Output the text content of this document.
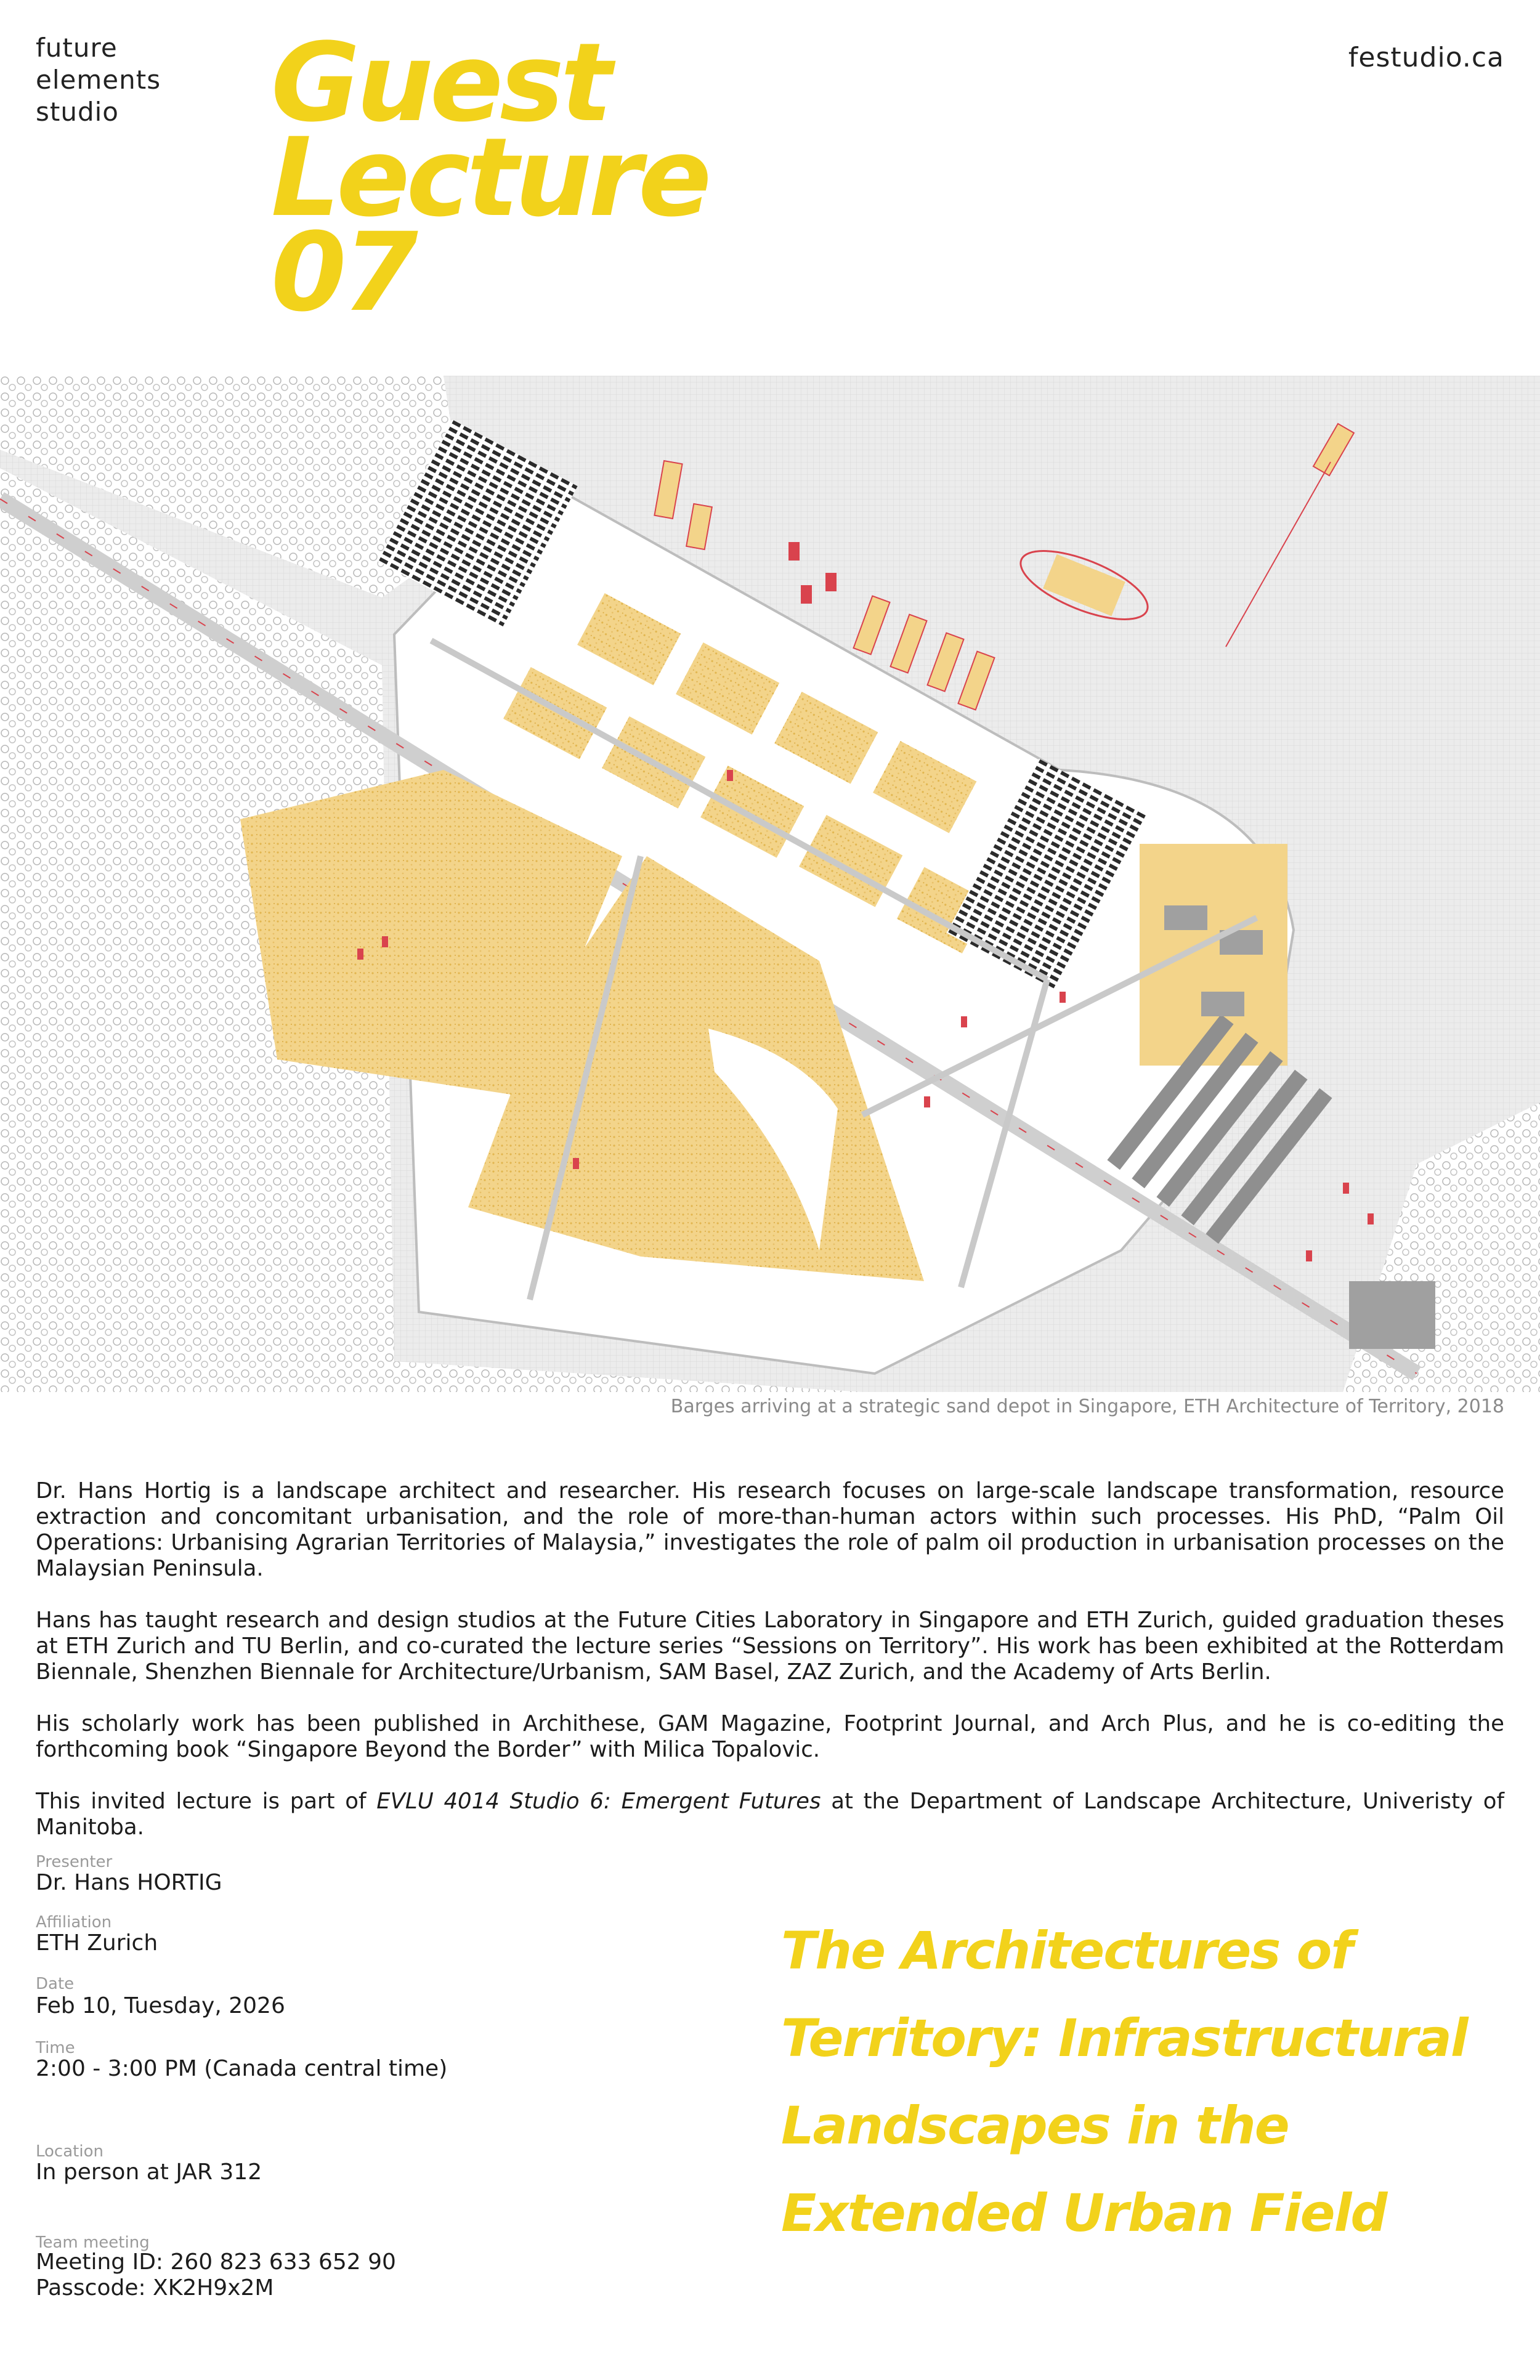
future
elements
studio
festudio.ca
Guest
Lecture
07
Barges arriving at a strategic sand depot in Singapore, ETH Architecture of Territory, 2018

Dr. Hans Hortig is a landscape architect and researcher. His research focuses on large-scale landscape transformation, resource extraction and concomitant urbanisation, and the role of more-than-human actors within such processes. His PhD, “Palm Oil Operations: Urbanising Agrarian Territories of Malaysia,” investigates the role of palm oil production in urbanisation processes on the Malaysian Peninsula.

Hans has taught research and design studios at the Future Cities Laboratory in Singapore and ETH Zurich, guided graduation theses at ETH Zurich and TU Berlin, and co-curated the lecture series “Sessions on Territory”. His work has been exhibited at the Rotterdam Biennale, Shenzhen Biennale for Architecture/Urbanism, SAM Basel, ZAZ Zurich, and the Academy of Arts Berlin.

His scholarly work has been published in Archithese, GAM Magazine, Footprint Journal, and Arch Plus, and he is co-editing the forthcoming book “Singapore Beyond the Border” with Milica Topalovic.

This invited lecture is part of EVLU 4014 Studio 6: Emergent Futures at the Department of Landscape Architecture, Univeristy of Manitoba.

Presenter
Dr. Hans HORTIG
Affiliation
ETH Zurich
Date
Feb 10, Tuesday, 2026
Time
2:00 - 3:00 PM (Canada central time)
Location
In person at JAR 312
Team meeting
Meeting ID: 260 823 633 652 90
Passcode: XK2H9x2M
The Architectures of
Territory: Infrastructural
Landscapes in the
Extended Urban Field
